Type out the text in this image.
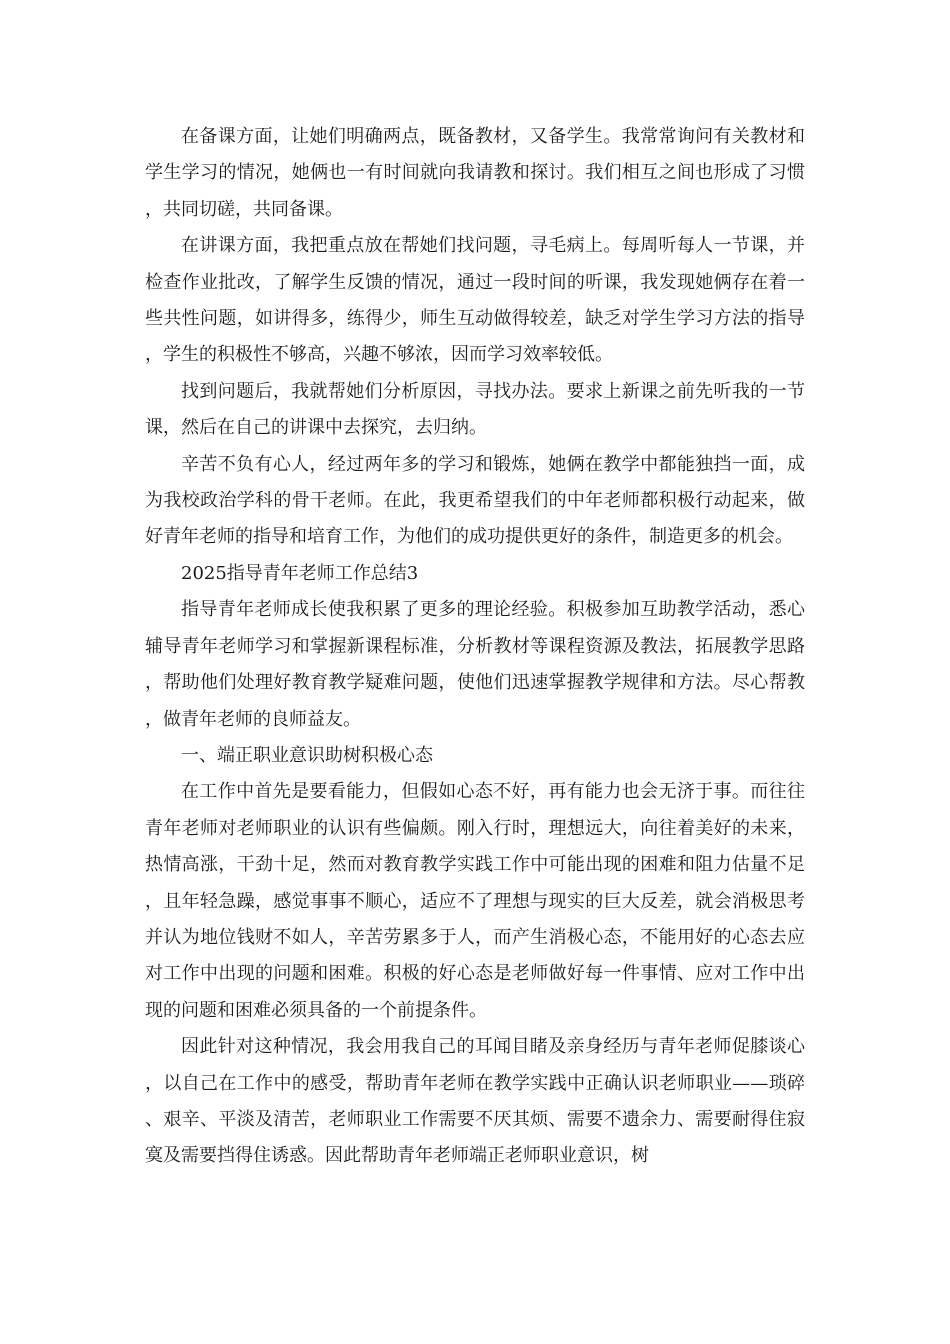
在备课方面，让她们明确两点，既备教材，又备学生。我常常询问有关教材和学生学习的情况，她俩也一有时间就向我请教和探讨。我们相互之间也形成了习惯，共同切磋，共同备课。

在讲课方面，我把重点放在帮她们找问题，寻毛病上。每周听每人一节课，并检查作业批改，了解学生反馈的情况，通过一段时间的听课，我发现她俩存在着一些共性问题，如讲得多，练得少，师生互动做得较差，缺乏对学生学习方法的指导，学生的积极性不够高，兴趣不够浓，因而学习效率较低。

找到问题后，我就帮她们分析原因，寻找办法。要求上新课之前先听我的一节课，然后在自己的讲课中去探究，去归纳。

辛苦不负有心人，经过两年多的学习和锻炼，她俩在教学中都能独挡一面，成为我校政治学科的骨干老师。在此，我更希望我们的中年老师都积极行动起来，做好青年老师的指导和培育工作，为他们的成功提供更好的条件，制造更多的机会。

2025指导青年老师工作总结3

指导青年老师成长使我积累了更多的理论经验。积极参加互助教学活动，悉心辅导青年老师学习和掌握新课程标准，分析教材等课程资源及教法，拓展教学思路，帮助他们处理好教育教学疑难问题，使他们迅速掌握教学规律和方法。尽心帮教，做青年老师的良师益友。

一、端正职业意识助树积极心态

在工作中首先是要看能力，但假如心态不好，再有能力也会无济于事。而往往青年老师对老师职业的认识有些偏颇。刚入行时，理想远大，向往着美好的未来，热情高涨，干劲十足，然而对教育教学实践工作中可能出现的困难和阻力估量不足，且年轻急躁，感觉事事不顺心，适应不了理想与现实的巨大反差，就会消极思考并认为地位钱财不如人，辛苦劳累多于人，而产生消极心态，不能用好的心态去应对工作中出现的问题和困难。积极的好心态是老师做好每一件事情、应对工作中出现的问题和困难必须具备的一个前提条件。

因此针对这种情况，我会用我自己的耳闻目睹及亲身经历与青年老师促膝谈心，以自己在工作中的感受，帮助青年老师在教学实践中正确认识老师职业——琐碎、艰辛、平淡及清苦，老师职业工作需要不厌其烦、需要不遗余力、需要耐得住寂寞及需要挡得住诱惑。因此帮助青年老师端正老师职业意识，树
